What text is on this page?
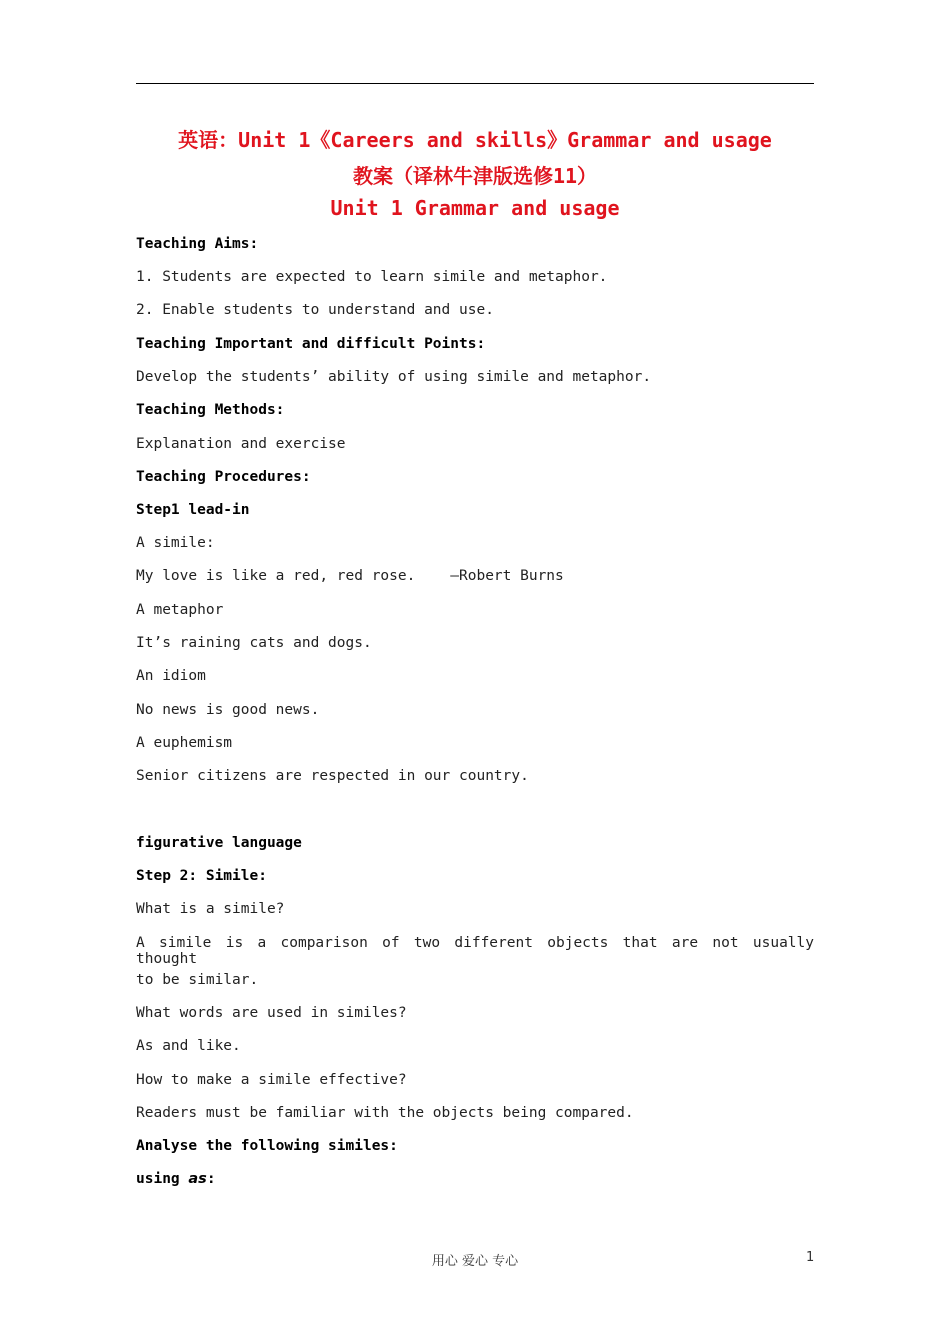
英语：Unit 1《Careers and skills》Grammar and usage
教案（译林牛津版选修11）
Unit 1 Grammar and usage
Teaching Aims:
1. Students are expected to learn simile and metaphor.
2. Enable students to understand and use.
Teaching Important and difficult Points:
Develop the students’ ability of using simile and metaphor.
Teaching Methods:
Explanation and exercise
Teaching Procedures:
Step1 lead-in
A simile:
My love is like a red, red rose.    —Robert Burns
A metaphor
It’s raining cats and dogs.
An idiom
No news is good news.
A euphemism
Senior citizens are respected in our country.
figurative language
Step 2: Simile:
What is a simile?
A simile is a comparison of two different objects that are not usually thought
to be similar.
What words are used in similes?
As and like.
How to make a simile effective?
Readers must be familiar with the objects being compared.
Analyse the following similes:
using as:
用心 爱心 专心	1
